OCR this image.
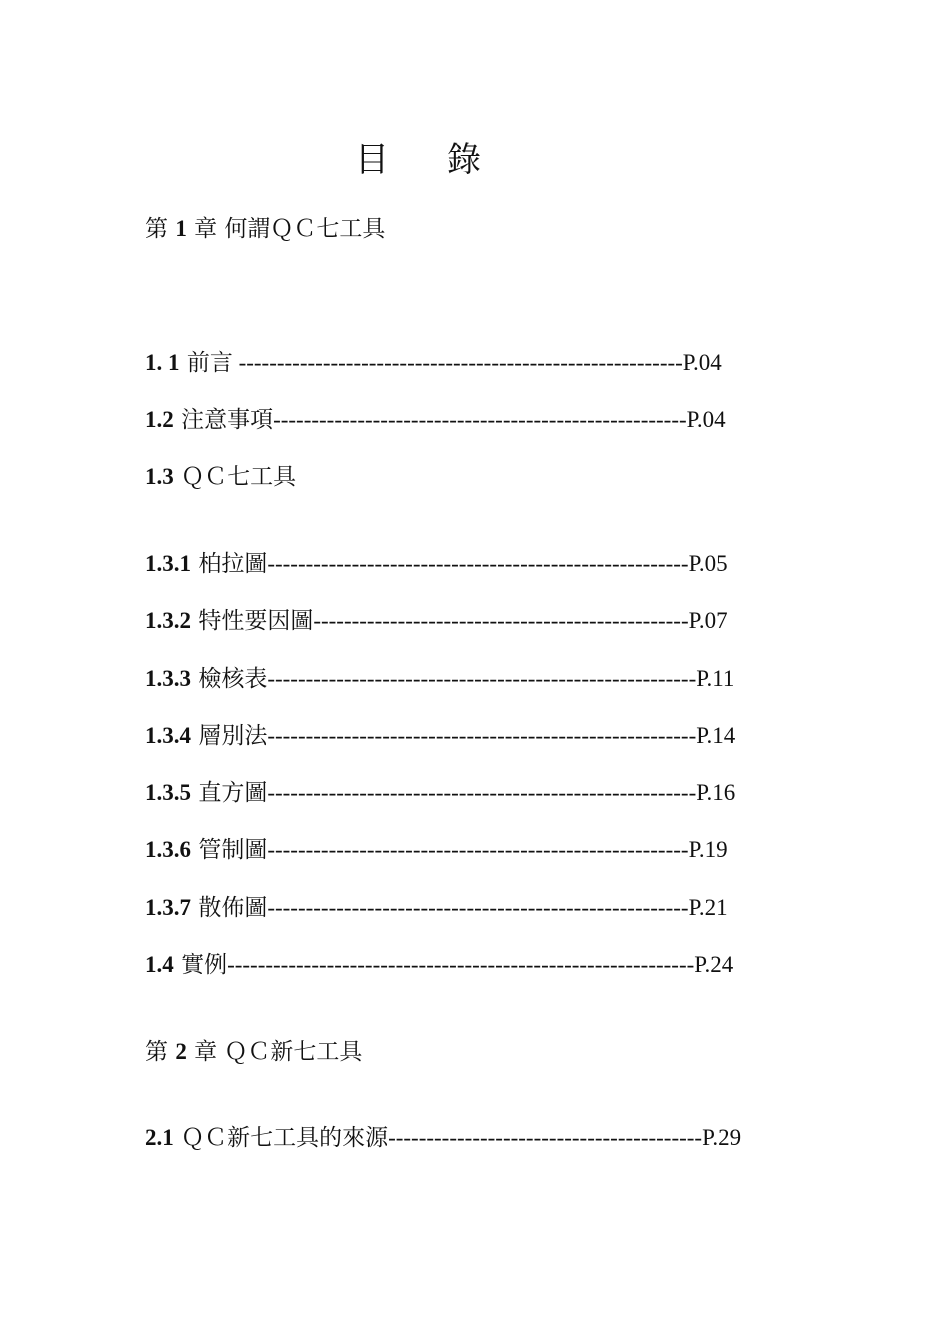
目 錄
第 1 章 何謂ＱＣ七工具
1. 1 前言 ----------------------------------------------------------P.04
1.2 注意事項------------------------------------------------------P.04
1.3 ＱＣ七工具
1.3.1 柏拉圖-------------------------------------------------------P.05
1.3.2 特性要因圖-------------------------------------------------P.07
1.3.3 檢核表--------------------------------------------------------P.11
1.3.4 層別法--------------------------------------------------------P.14
1.3.5 直方圖--------------------------------------------------------P.16
1.3.6 管制圖-------------------------------------------------------P.19
1.3.7 散佈圖-------------------------------------------------------P.21
1.4 實例-------------------------------------------------------------P.24
第 2 章 ＱＣ新七工具
2.1 ＱＣ新七工具的來源-----------------------------------------P.29
